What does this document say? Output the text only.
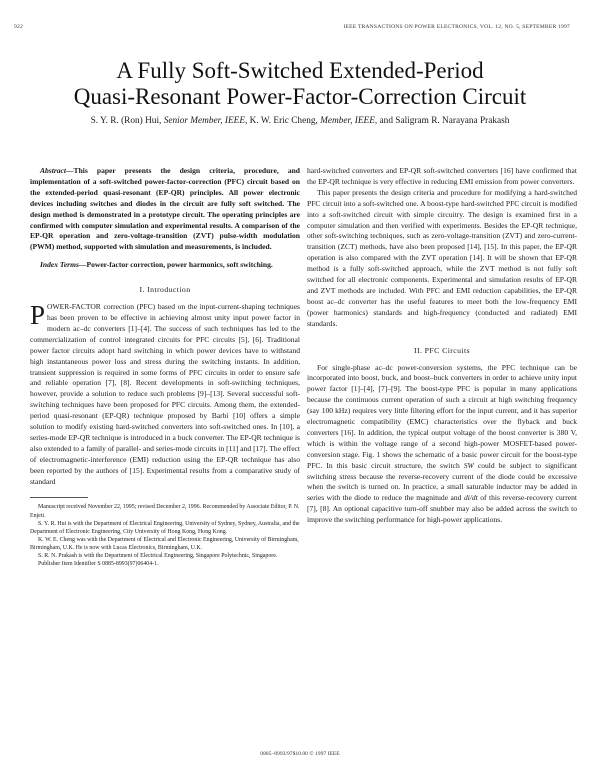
922	IEEE TRANSACTIONS ON POWER ELECTRONICS, VOL. 12, NO. 5, SEPTEMBER 1997
A Fully Soft-Switched Extended-Period
Quasi-Resonant Power-Factor-Correction Circuit
S. Y. R. (Ron) Hui, Senior Member, IEEE, K. W. Eric Cheng, Member, IEEE, and Saligram R. Narayana Prakash

Abstract—This paper presents the design criteria, procedure, and implementation of a soft-switched power-factor-correction (PFC) circuit based on the extended-period quasi-resonant (EP-QR) principles. All power electronic devices including switches and diodes in the circuit are fully soft switched. The design method is demonstrated in a prototype circuit. The operating principles are confirmed with computer simulation and experimental results. A comparison of the EP-QR operation and zero-voltage-transition (ZVT) pulse-width modulation (PWM) method, supported with simulation and measurements, is included.

Index Terms—Power-factor correction, power harmonics, soft switching.

I. Introduction

POWER-FACTOR correction (PFC) based on the input-current-shaping techniques has been proven to be effective in achieving almost unity input power factor in modern ac–dc converters [1]–[4]. The success of such techniques has led to the commercialization of control integrated circuits for PFC circuits [5], [6]. Traditional power factor circuits adopt hard switching in which power devices have to withstand high instantaneous power loss and stress during the switching instants. In addition, transient suppression is required in some forms of PFC circuits in order to ensure safe and reliable operation [7], [8]. Recent developments in soft-switching techniques, however, provide a solution to reduce such problems [9]–[13]. Several successful soft-switching techniques have been proposed for PFC circuits. Among them, the extended-period quasi-resonant (EP-QR) technique proposed by Barbi [10] offers a simple solution to modify existing hard-switched converters into soft-switched ones. In [10], a series-mode EP-QR technique is introduced in a buck converter. The EP-QR technique is also extended to a family of parallel- and series-mode circuits in [11] and [17]. The effect of electromagnetic-interference (EMI) reduction using the EP-QR technique has also been reported by the authors of [15]. Experimental results from a comparative study of standard

Manuscript received November 22, 1995; revised December 2, 1996. Recommended by Associate Editor, P. N. Enjeti.

S. Y. R. Hui is with the Department of Electrical Engineering, University of Sydney, Sydney, Australia, and the Department of Electronic Engineering, City University of Hong Kong, Hong Kong.

K. W. E. Cheng was with the Department of Electrical and Electronic Engineering, University of Birmingham, Birmingham, U.K. He is now with Lucas Electronics, Birmingham, U.K.

S. R. N. Prakash is with the Department of Electrical Engineering, Singapore Polytechnic, Singapore.

Publisher Item Identifier S 0885-8993(97)06404-1.

hard-switched converters and EP-QR soft-switched converters [16] have confirmed that the EP-QR technique is very effective in reducing EMI emission from power converters.

This paper presents the design criteria and procedure for modifying a hard-switched PFC circuit into a soft-switched one. A boost-type hard-switched PFC circuit is modified into a soft-switched circuit with simple circuitry. The design is examined first in a computer simulation and then verified with experiments. Besides the EP-QR technique, other soft-switching techniques, such as zero-voltage-transition (ZVT) and zero-current-transition (ZCT) methods, have also been proposed [14], [15]. In this paper, the EP-QR operation is also compared with the ZVT operation [14]. It will be shown that EP-QR method is a fully soft-switched approach, while the ZVT method is not fully soft switched for all electronic components. Experimental and simulation results of EP-QR and ZVT methods are included. With PFC and EMI reduction capabilities, the EP-QR boost ac–dc converter has the useful features to meet both the low-frequency EMI (power harmonics) standards and high-frequency (conducted and radiated) EMI standards.

II. PFC Circuits

For single-phase ac–dc power-conversion systems, the PFC technique can be incorporated into boost, buck, and boost–buck converters in order to achieve unity input power factor [1]–[4], [7]–[9]. The boost-type PFC is popular in many applications because the continuous current operation of such a circuit at high switching frequency (say 100 kHz) requires very little filtering effort for the input current, and it has superior electromagnetic compatibility (EMC) characteristics over the flyback and buck converters [16]. In addition, the typical output voltage of the boost converter is 380 V, which is within the voltage range of a second high-power MOSFET-based power-conversion stage. Fig. 1 shows the schematic of a basic power circuit for the boost-type PFC. In this basic circuit structure, the switch SW could be subject to significant switching stress because the reverse-recovery current of the diode could be excessive when the switch is turned on. In practice, a small saturable inductor may be added in series with the diode to reduce the magnitude and di/dt of this reverse-recovery current [7], [8]. An optional capacitive turn-off snubber may also be added across the switch to improve the switching performance for high-power applications.

0885–8993/97$10.00 © 1997 IEEE
